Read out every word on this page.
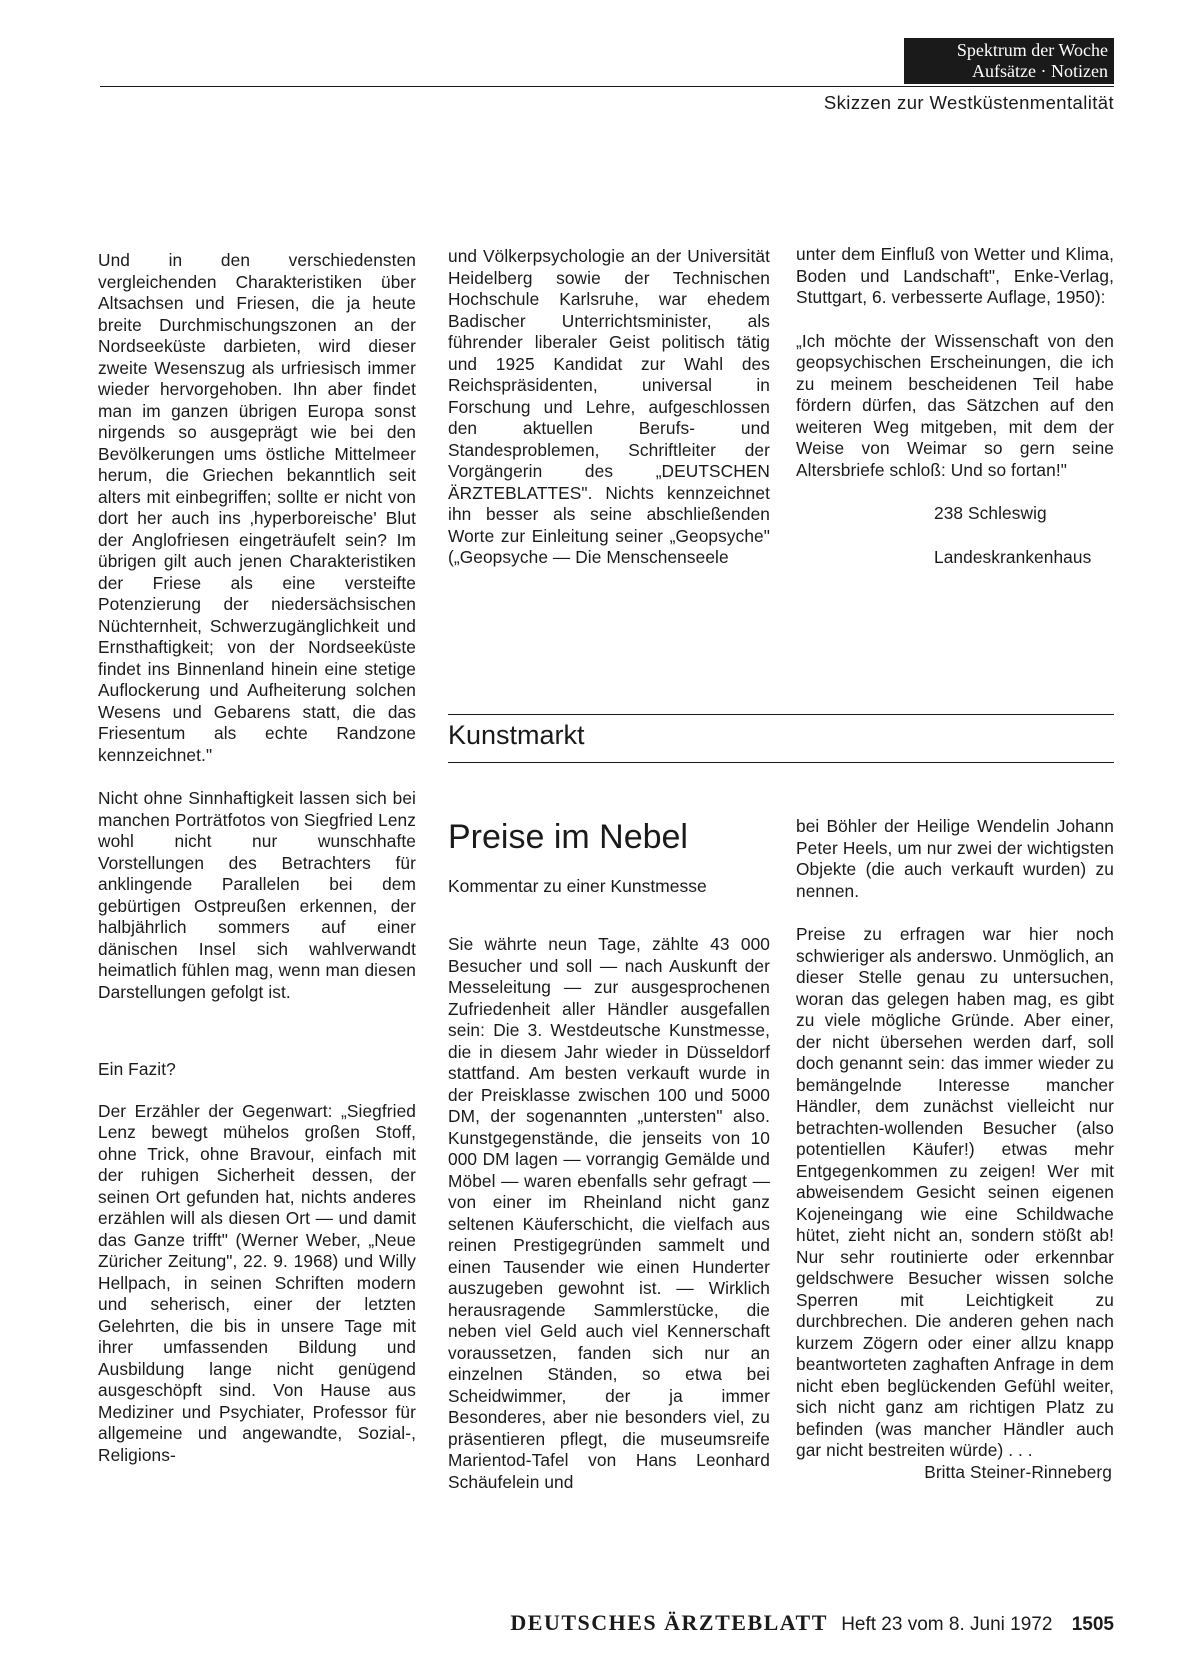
Spektrum der Woche
Aufsätze · Notizen
Skizzen zur Westküstenmentalität

Und in den verschiedensten vergleichenden Charakteristiken über Altsachsen und Friesen, die ja heute breite Durchmischungszonen an der Nordseeküste darbieten, wird dieser zweite Wesenszug als urfriesisch immer wieder hervorgehoben. Ihn aber findet man im ganzen übrigen Europa sonst nirgends so ausgeprägt wie bei den Bevölkerungen ums östliche Mittelmeer herum, die Griechen bekanntlich seit alters mit einbegriffen; sollte er nicht von dort her auch ins ‚hyperboreische' Blut der Anglofriesen eingeträufelt sein? Im übrigen gilt auch jenen Charakteristiken der Friese als eine versteifte Potenzierung der niedersächsischen Nüchternheit, Schwerzugänglichkeit und Ernsthaftigkeit; von der Nordseeküste findet ins Binnenland hinein eine stetige Auflockerung und Aufheiterung solchen Wesens und Gebarens statt, die das Friesentum als echte Randzone kennzeichnet."

Nicht ohne Sinnhaftigkeit lassen sich bei manchen Porträtfotos von Siegfried Lenz wohl nicht nur wunschhafte Vorstellungen des Betrachters für anklingende Parallelen bei dem gebürtigen Ostpreußen erkennen, der halbjährlich sommers auf einer dänischen Insel sich wahlverwandt heimatlich fühlen mag, wenn man diesen Darstellungen gefolgt ist.

Ein Fazit?

Der Erzähler der Gegenwart: „Siegfried Lenz bewegt mühelos großen Stoff, ohne Trick, ohne Bravour, einfach mit der ruhigen Sicherheit dessen, der seinen Ort gefunden hat, nichts anderes erzählen will als diesen Ort — und damit das Ganze trifft" (Werner Weber, „Neue Züricher Zeitung", 22. 9. 1968) und Willy Hellpach, in seinen Schriften modern und seherisch, einer der letzten Gelehrten, die bis in unsere Tage mit ihrer umfassenden Bildung und Ausbildung lange nicht genügend ausgeschöpft sind. Von Hause aus Mediziner und Psychiater, Professor für allgemeine und angewandte, Sozial-, Religions-

und Völkerpsychologie an der Universität Heidelberg sowie der Technischen Hochschule Karlsruhe, war ehedem Badischer Unterrichtsminister, als führender liberaler Geist politisch tätig und 1925 Kandidat zur Wahl des Reichspräsidenten, universal in Forschung und Lehre, aufgeschlossen den aktuellen Berufs- und Standesproblemen, Schriftleiter der Vorgängerin des „DEUTSCHEN ÄRZTEBLATTES". Nichts kennzeichnet ihn besser als seine abschließenden Worte zur Einleitung seiner „Geopsyche" („Geopsyche — Die Menschenseele

unter dem Einfluß von Wetter und Klima, Boden und Landschaft", Enke-Verlag, Stuttgart, 6. verbesserte Auflage, 1950):

„Ich möchte der Wissenschaft von den geopsychischen Erscheinungen, die ich zu meinem bescheidenen Teil habe fördern dürfen, das Sätzchen auf den weiteren Weg mitgeben, mit dem der Weise von Weimar so gern seine Altersbriefe schloß: Und so fortan!"

238 Schleswig

Landeskrankenhaus

Kunstmarkt
Preise im Nebel
Kommentar zu einer Kunstmesse

Sie währte neun Tage, zählte 43 000 Besucher und soll — nach Auskunft der Messeleitung — zur ausgesprochenen Zufriedenheit aller Händler ausgefallen sein: Die 3. Westdeutsche Kunstmesse, die in diesem Jahr wieder in Düsseldorf stattfand. Am besten verkauft wurde in der Preisklasse zwischen 100 und 5000 DM, der sogenannten „untersten" also. Kunstgegenstände, die jenseits von 10 000 DM lagen — vorrangig Gemälde und Möbel — waren ebenfalls sehr gefragt — von einer im Rheinland nicht ganz seltenen Käuferschicht, die vielfach aus reinen Prestigegründen sammelt und einen Tausender wie einen Hunderter auszugeben gewohnt ist. — Wirklich herausragende Sammlerstücke, die neben viel Geld auch viel Kennerschaft voraussetzen, fanden sich nur an einzelnen Ständen, so etwa bei Scheidwimmer, der ja immer Besonderes, aber nie besonders viel, zu präsentieren pflegt, die museumsreife Marientod-Tafel von Hans Leonhard Schäufelein und

bei Böhler der Heilige Wendelin Johann Peter Heels, um nur zwei der wichtigsten Objekte (die auch verkauft wurden) zu nennen.

Preise zu erfragen war hier noch schwieriger als anderswo. Unmöglich, an dieser Stelle genau zu untersuchen, woran das gelegen haben mag, es gibt zu viele mögliche Gründe. Aber einer, der nicht übersehen werden darf, soll doch genannt sein: das immer wieder zu bemängelnde Interesse mancher Händler, dem zunächst vielleicht nur betrachten-wollenden Besucher (also potentiellen Käufer!) etwas mehr Entgegenkommen zu zeigen! Wer mit abweisendem Gesicht seinen eigenen Kojeneingang wie eine Schildwache hütet, zieht nicht an, sondern stößt ab! Nur sehr routinierte oder erkennbar geldschwere Besucher wissen solche Sperren mit Leichtigkeit zu durchbrechen. Die anderen gehen nach kurzem Zögern oder einer allzu knapp beantworteten zaghaften Anfrage in dem nicht eben beglückenden Gefühl weiter, sich nicht ganz am richtigen Platz zu befinden (was mancher Händler auch gar nicht bestreiten würde) . . .

Britta Steiner-Rinneberg

DEUTSCHES ÄRZTEBLATT Heft 23 vom 8. Juni 1972 1505
